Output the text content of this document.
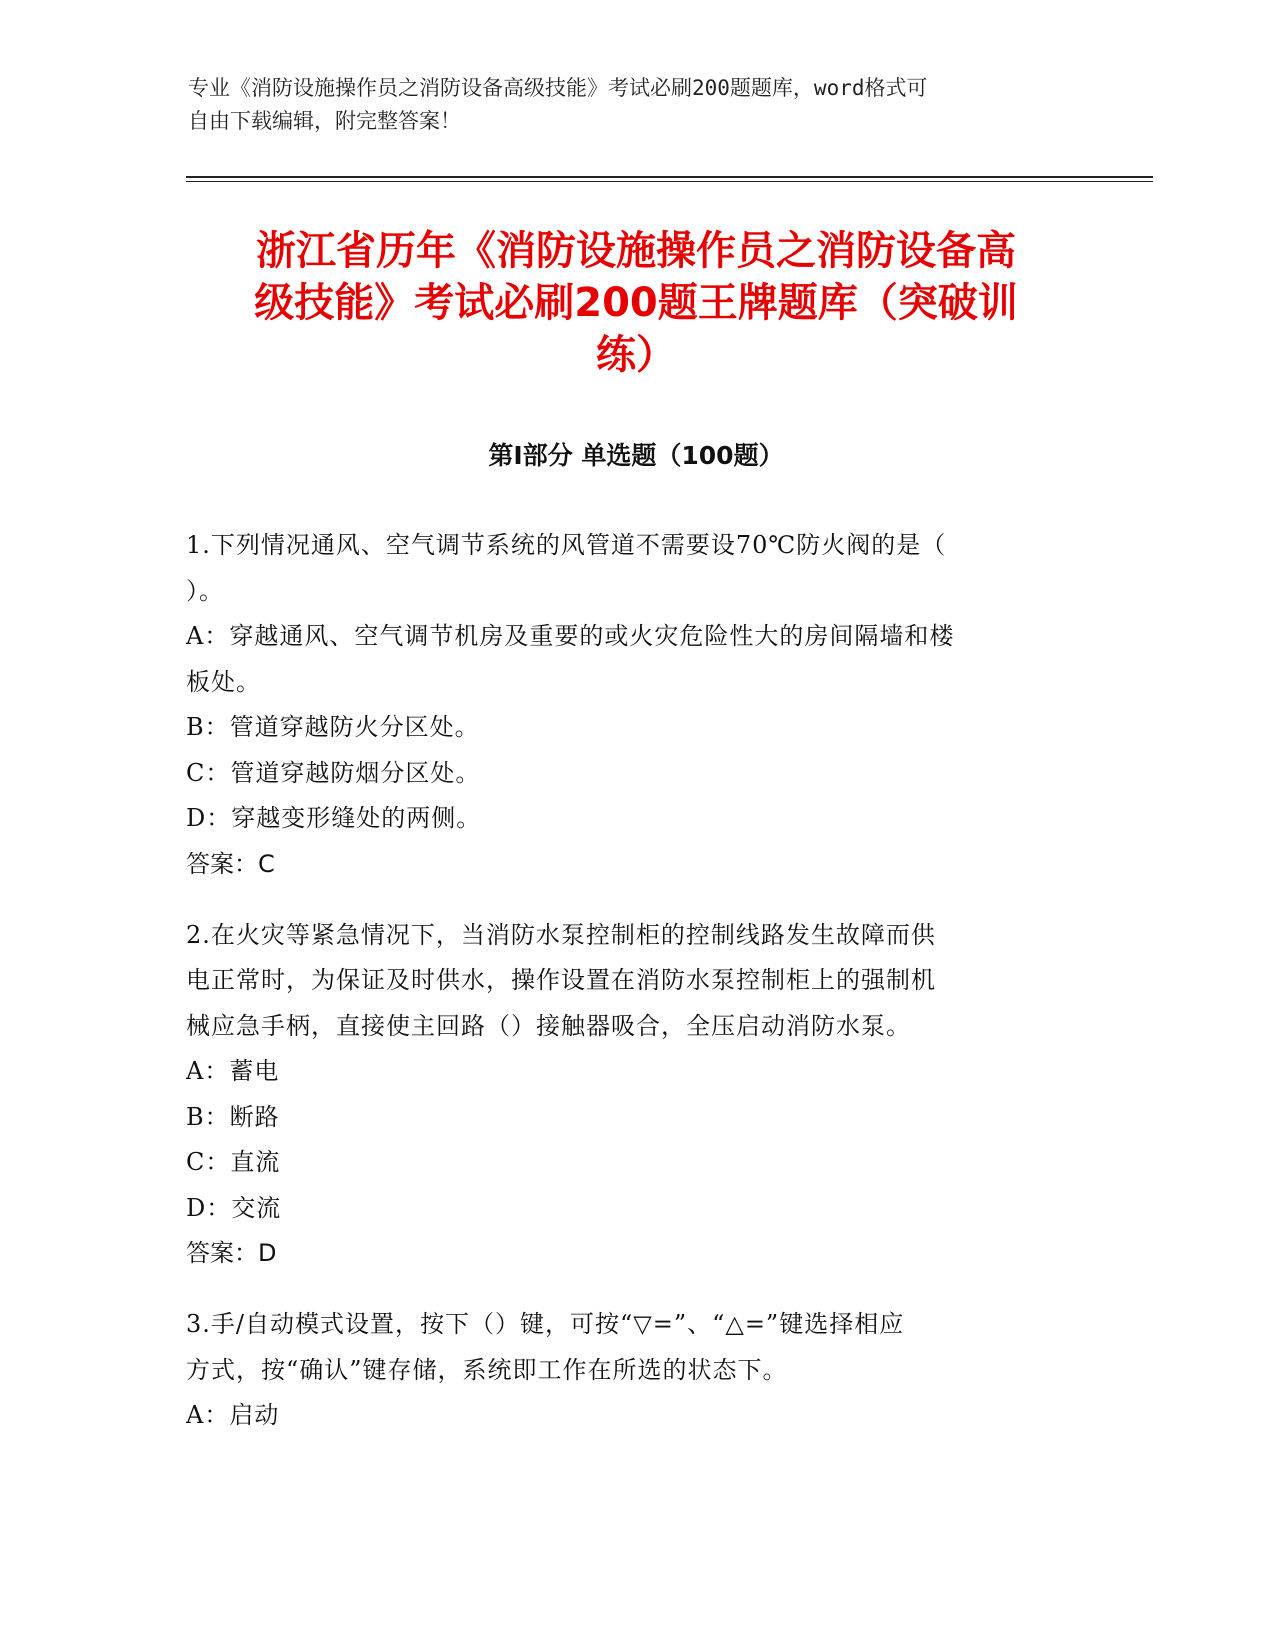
专业《消防设施操作员之消防设备高级技能》考试必刷200题题库，word格式可
自由下载编辑，附完整答案！
浙江省历年《消防设施操作员之消防设备高
级技能》考试必刷200题王牌题库（突破训
练）
第I部分 单选题（100题）
1.下列情况通风、空气调节系统的风管道不需要设70℃防火阀的是（
）。
A：穿越通风、空气调节机房及重要的或火灾危险性大的房间隔墙和楼
板处。
B：管道穿越防火分区处。
C：管道穿越防烟分区处。
D：穿越变形缝处的两侧。
答案：C
2.在火灾等紧急情况下，当消防水泵控制柜的控制线路发生故障而供
电正常时，为保证及时供水，操作设置在消防水泵控制柜上的强制机
械应急手柄，直接使主回路（）接触器吸合，全压启动消防水泵。
A：蓄电
B：断路
C：直流
D：交流
答案：D
3.手/自动模式设置，按下（）键，可按“▽=”、“△=”键选择相应
方式，按“确认”键存储，系统即工作在所选的状态下。
A：启动
